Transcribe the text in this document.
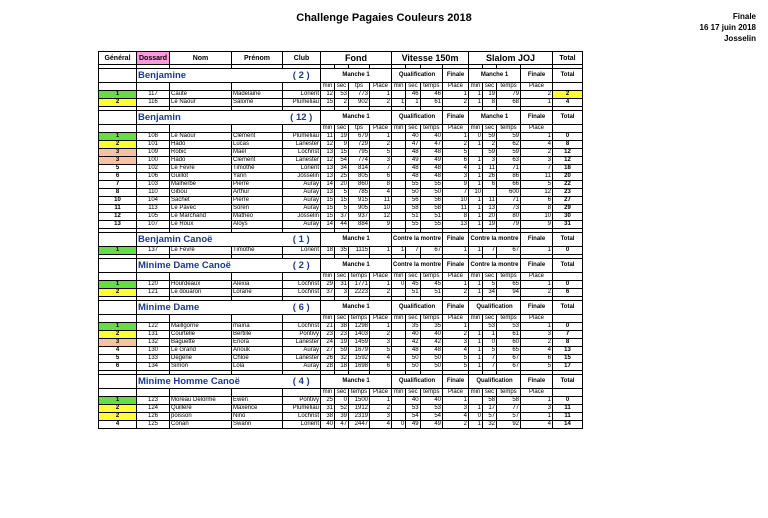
Challenge Pagaies Couleurs 2018	Finale
16 17 juin 2018
Josselin
Général	Dossard	Nom	Prénom	Club	Fond				Vitesse 150m				Slalom JOJ				Total

	Benjamine			( 2 )	Manche 1				Qualification			Finale	Manche 1			Finale	Total
					min	sec	tps	Place	min	sec	temps	Place	min	sec	temps	Place	
1	117	Caute	Madelaine	Lorient	12	53	773	1		46	46	1	1	19	79	2	2
2	116	Le Naour	Salomé	Plumeliau	15	2	902	2	1	1	61	2	1	8	68	1	4

	Benjamin			( 12 )	Manche 1				Qualification			Finale	Manche 1			Finale	Total
					min	sec	tps	Place	min	sec	temps	Place	min	sec	temps	Place	
1	108	Le Naour	Clément	Plumeliau	11	19	679	1		40	40	1	0	59	59	1	0
2	101	Hado	Lucas	Lanester	12	9	729	2		47	47	2	1	2	62	4	8
3	109	Robic	Maël	Lochrist	13	15	795	5		48	48	5		59	59	2	12
3	100	Hado	Clement	Lanester	12	54	774	3		49	49	6	1	3	63	3	12
5	102	Le Fevre	Timothé	Lorient	13	34	814	7		48	48	4	1	11	71	7	18
6	106	Guillot	Yann	Josselin	13	25	805	6		48	48	3	1	26	86	11	20
7	103	Malherbe	Pierre	Auray	14	20	860	8		55	55	9	1	6	66	5	22
8	110	Gibou	Arthur	Auray	13	5	785	4		50	50	7	10		600	12	23
10	104	Sachet	Pierre	Auray	15	15	915	11		56	56	10	1	11	71	6	27
11	113	Le Pavec	Soren	Auray	15	5	905	10		58	58	11	1	13	73	8	29
12	105	Le Marchand	Matheo	Josselin	15	37	937	12		51	51	8	1	20	80	10	30
13	107	Le Roux	Aloys	Auray	14	44	884	9		55	55	13	1	19	79	9	31

	Benjamin Canoë			( 1 )	Manche 1				Contre la montre			Finale	Contre la montre			Finale	Total
1	137	Le Fevre	Timothé	Lorient	18	35	1115	1	1	7	67	1	1	7	67	1	0

	Minime Dame Canoë			( 2 )	Manche 1				Contre la montre			Finale	Contre la montre			Finale	Total
					min	sec	temps	Place	min	sec	temps	Place	min	sec	temps	Place	
1	120	Hourdeaux	Alexia	Lochrist	29	31	1771	1	0	45	45	1	1	5	65	1	0
2	121	Le douaron	Lorane	Lochrist	37	3	2223	2		51	51	2	1	34	94	2	6

	Minime Dame			( 6 )	Manche 1				Qualification			Finale	Qualification			Finale	Total
					min	sec	temps	Place	min	sec	temps	Place	min	sec	temps	Place	
1	122	Maillgorne	maïna	Lochrist	21	38	1298	1		35	35	1		53	53	1	0
2	131	Courtelle	Bertille	Pontivy	23	23	1403	2		40	40	2	1	1	61	3	7
3	132	Baguette	Enora	Lanester	24	19	1459	3		42	42	3	1	0	60	2	8
4	130	Le Grand	Anouk	Auray	27	59	1679	5		48	48	4	1	5	65	4	13
5	133	Degene	Chloé	Lanester	26	32	1592	4		50	50	5	1	7	67	6	15
6	134	Simon	Lola	Auray	28	18	1698	6		50	50	5	1	7	67	5	17

	Minime Homme Canoë			( 4 )	Manche 1				Qualification			Finale	Qualification			Finale	Total
					min	sec	temps	Place	min	sec	temps	Place	min	sec	temps	Place	
1	123	Moreau Delorme	Ewen	Pontivy	25	0	1500	1		40	40	1		58	58	1	0
2	124	Quillere	Maxence	Plumeliau	31	52	1912	2		53	53	3	1	17	77	3	11
2	126	poisson	Nino	Lochrist	38	39	2319	3		54	54	4	0	57	57	1	11
4	125	Conan	Swann	Lorient	40	47	2447	4	0	49	49	2	1	32	92	4	14
